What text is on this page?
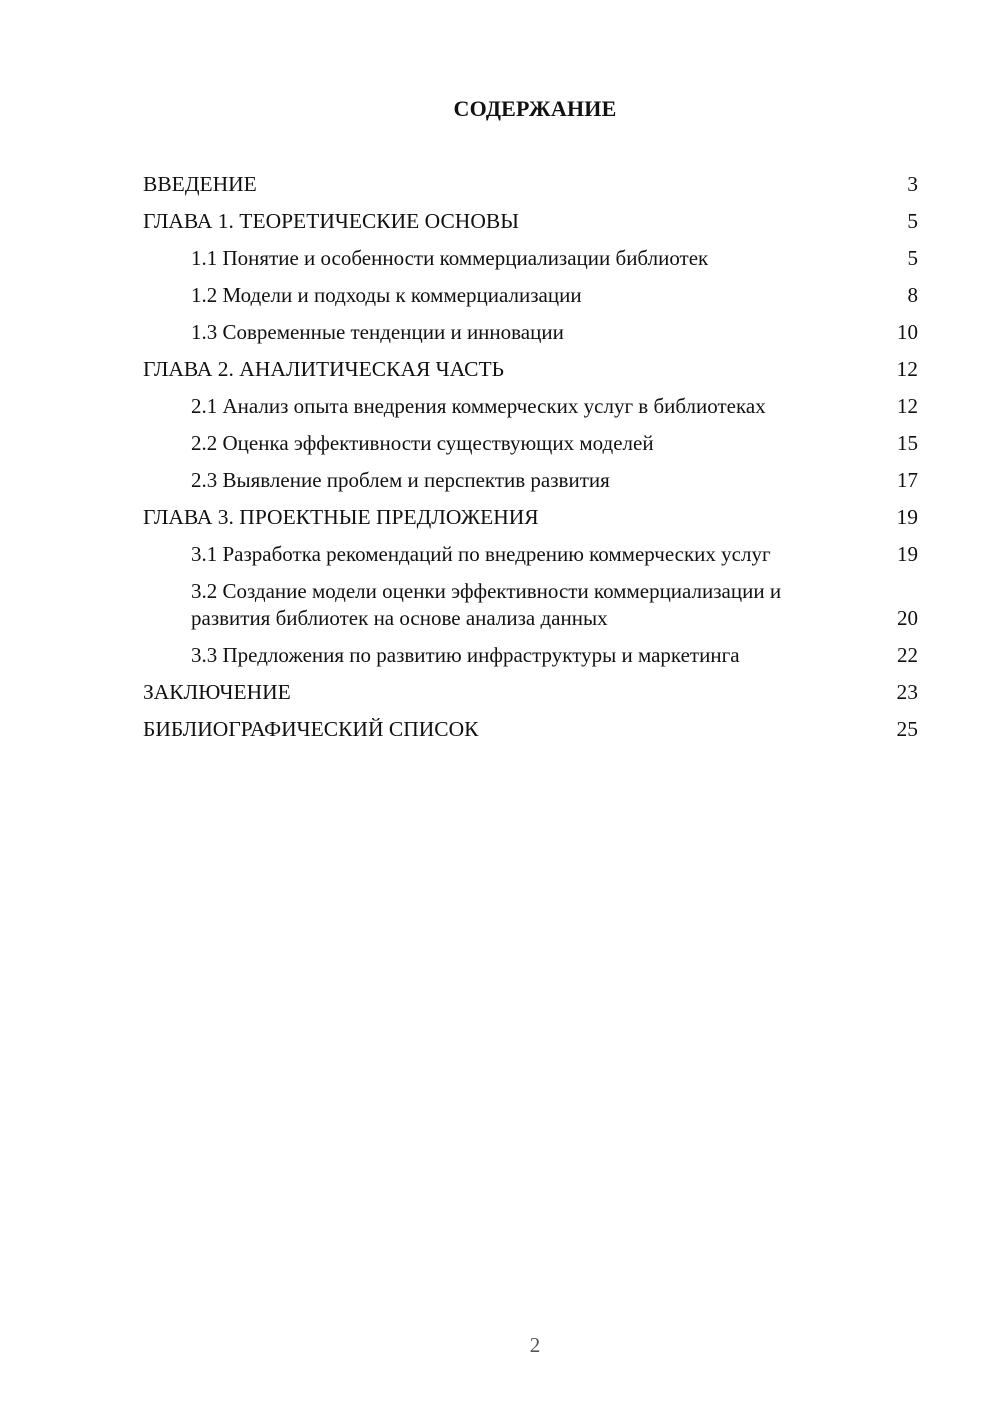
СОДЕРЖАНИЕ
ВВЕДЕНИЕ	3
ГЛАВА 1. ТЕОРЕТИЧЕСКИЕ ОСНОВЫ	5
1.1 Понятие и особенности коммерциализации библиотек	5
1.2 Модели и подходы к коммерциализации	8
1.3 Современные тенденции и инновации	10
ГЛАВА 2. АНАЛИТИЧЕСКАЯ ЧАСТЬ	12
2.1 Анализ опыта внедрения коммерческих услуг в библиотеках	12
2.2 Оценка эффективности существующих моделей	15
2.3 Выявление проблем и перспектив развития	17
ГЛАВА 3. ПРОЕКТНЫЕ ПРЕДЛОЖЕНИЯ	19
3.1 Разработка рекомендаций по внедрению коммерческих услуг	19
3.2 Создание модели оценки эффективности коммерциализации и развития библиотек на основе анализа данных	20
3.3 Предложения по развитию инфраструктуры и маркетинга	22
ЗАКЛЮЧЕНИЕ	23
БИБЛИОГРАФИЧЕСКИЙ СПИСОК	25
2
